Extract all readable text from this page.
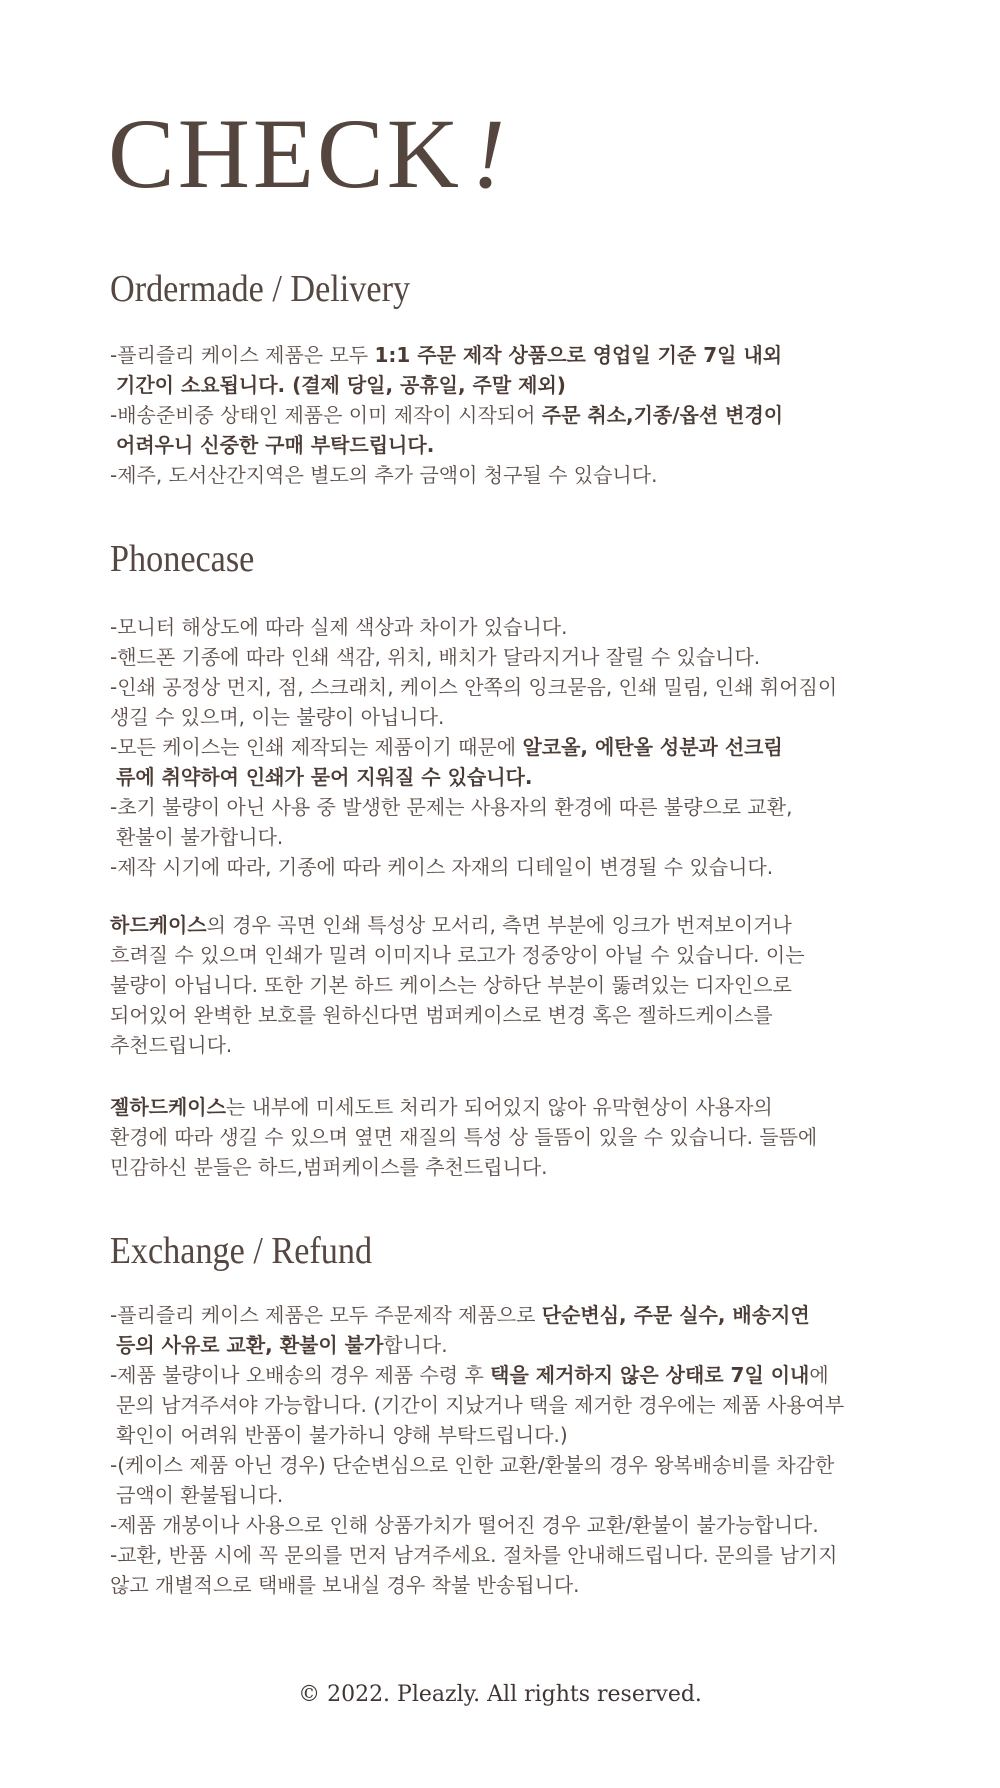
CHECK !
Ordermade / Delivery
-플리즐리 케이스 제품은 모두 1:1 주문 제작 상품으로 영업일 기준 7일 내외
기간이 소요됩니다. (결제 당일, 공휴일, 주말 제외)
-배송준비중 상태인 제품은 이미 제작이 시작되어 주문 취소,기종/옵션 변경이
어려우니 신중한 구매 부탁드립니다.
-제주, 도서산간지역은 별도의 추가 금액이 청구될 수 있습니다.
Phonecase
-모니터 해상도에 따라 실제 색상과 차이가 있습니다.
-핸드폰 기종에 따라 인쇄 색감, 위치, 배치가 달라지거나 잘릴 수 있습니다.
-인쇄 공정상 먼지, 점, 스크래치, 케이스 안쪽의 잉크묻음, 인쇄 밀림, 인쇄 휘어짐이
생길 수 있으며, 이는 불량이 아닙니다.
-모든 케이스는 인쇄 제작되는 제품이기 때문에 알코올, 에탄올 성분과 선크림
류에 취약하여 인쇄가 묻어 지워질 수 있습니다.
-초기 불량이 아닌 사용 중 발생한 문제는 사용자의 환경에 따른 불량으로 교환,
환불이 불가합니다.
-제작 시기에 따라, 기종에 따라 케이스 자재의 디테일이 변경될 수 있습니다.
하드케이스의 경우 곡면 인쇄 특성상 모서리, 측면 부분에 잉크가 번져보이거나
흐려질 수 있으며 인쇄가 밀려 이미지나 로고가 정중앙이 아닐 수 있습니다. 이는
불량이 아닙니다. 또한 기본 하드 케이스는 상하단 부분이 뚫려있는 디자인으로
되어있어 완벽한 보호를 원하신다면 범퍼케이스로 변경 혹은 젤하드케이스를
추천드립니다.
젤하드케이스는 내부에 미세도트 처리가 되어있지 않아 유막현상이 사용자의
환경에 따라 생길 수 있으며 옆면 재질의 특성 상 들뜸이 있을 수 있습니다. 들뜸에
민감하신 분들은 하드,범퍼케이스를 추천드립니다.
Exchange / Refund
-플리즐리 케이스 제품은 모두 주문제작 제품으로 단순변심, 주문 실수, 배송지연
등의 사유로 교환, 환불이 불가합니다.
-제품 불량이나 오배송의 경우 제품 수령 후 택을 제거하지 않은 상태로 7일 이내에
문의 남겨주셔야 가능합니다. (기간이 지났거나 택을 제거한 경우에는 제품 사용여부
확인이 어려워 반품이 불가하니 양해 부탁드립니다.)
-(케이스 제품 아닌 경우) 단순변심으로 인한 교환/환불의 경우 왕복배송비를 차감한
금액이 환불됩니다.
-제품 개봉이나 사용으로 인해 상품가치가 떨어진 경우 교환/환불이 불가능합니다.
-교환, 반품 시에 꼭 문의를 먼저 남겨주세요. 절차를 안내해드립니다. 문의를 남기지
않고 개별적으로 택배를 보내실 경우 착불 반송됩니다.
© 2022. Pleazly. All rights reserved.
